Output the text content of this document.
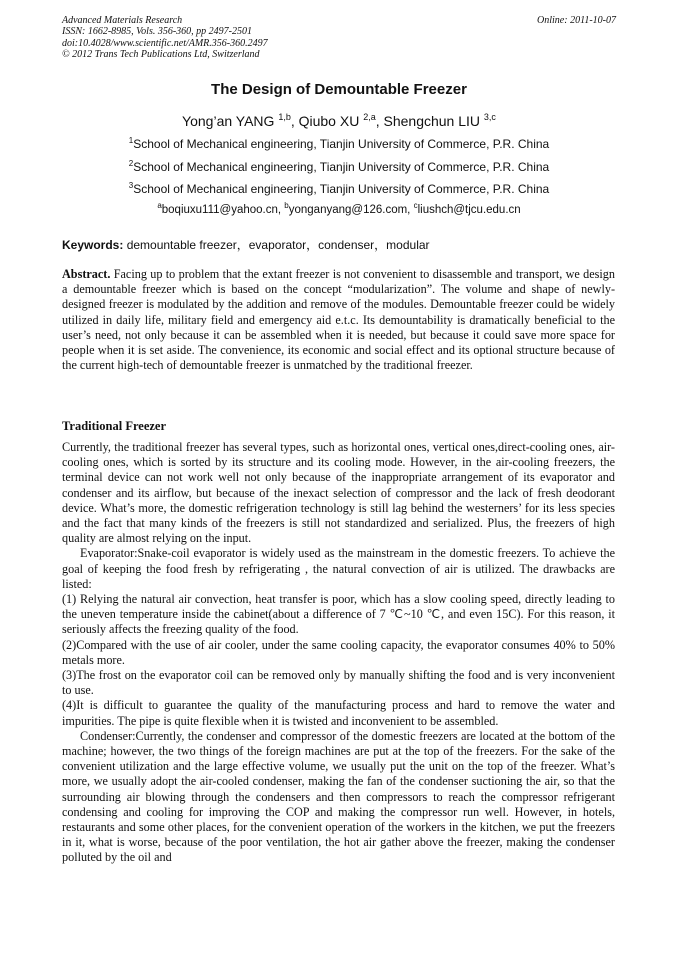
Advanced Materials Research
ISSN: 1662-8985, Vols. 356-360, pp 2497-2501
doi:10.4028/www.scientific.net/AMR.356-360.2497
© 2012 Trans Tech Publications Ltd, Switzerland
Online: 2011-10-07
The Design of Demountable Freezer
Yong’an YANG $^{1,b}$, Qiubo XU $^{2,a}$, Shengchun LIU $^{3,c}$
$^1$School of Mechanical engineering, Tianjin University of Commerce, P.R. China
$^2$School of Mechanical engineering, Tianjin University of Commerce, P.R. China
$^3$School of Mechanical engineering, Tianjin University of Commerce, P.R. China
$^a$boqiuxu111@yahoo.cn, $^b$yonganyang@126.com, $^c$liushch@tjcu.edu.cn
Keywords: demountable freezer，evaporator，condenser，modular

Abstract. Facing up to problem that the extant freezer is not convenient to disassemble and transport, we design a demountable freezer which is based on the concept “modularization”. The volume and shape of newly-designed freezer is modulated by the addition and remove of the modules. Demountable freezer could be widely utilized in daily life, military field and emergency aid e.t.c. Its demountability is dramatically beneficial to the user’s need, not only because it can be assembled when it is needed, but because it could save more space for people when it is set aside. The convenience, its economic and social effect and its optional structure because of the current high-tech of demountable freezer is unmatched by the traditional freezer.

Traditional Freezer

Currently, the traditional freezer has several types, such as horizontal ones, vertical ones,direct-cooling ones, air-cooling ones, which is sorted by its structure and its cooling mode. However, in the air-cooling freezers, the terminal device can not work well not only because of the inappropriate arrangement of its evaporator and condenser and its airflow, but because of the inexact selection of compressor and the lack of fresh deodorant device. What’s more, the domestic refrigeration technology is still lag behind the westerners’ for its less species and the fact that many kinds of the freezers is still not standardized and serialized. Plus, the freezers of high quality are almost relying on the input.

Evaporator:Snake-coil evaporator is widely used as the mainstream in the domestic freezers. To achieve the goal of keeping the food fresh by refrigerating , the natural convection of air is utilized. The drawbacks are listed:

(1) Relying the natural air convection, heat transfer is poor, which has a slow cooling speed, directly leading to the uneven temperature inside the cabinet(about a difference of 7 ℃~10 ℃, and even 15C). For this reason, it seriously affects the freezing quality of the food.

(2)Compared with the use of air cooler, under the same cooling capacity, the evaporator consumes 40% to 50% metals more.

(3)The frost on the evaporator coil can be removed only by manually shifting the food and is very inconvenient to use.

(4)It is difficult to guarantee the quality of the manufacturing process and hard to remove the water and impurities. The pipe is quite flexible when it is twisted and inconvenient to be assembled.

Condenser:Currently, the condenser and compressor of the domestic freezers are located at the bottom of the machine; however, the two things of the foreign machines are put at the top of the freezers. For the sake of the convenient utilization and the large effective volume, we usually put the unit on the top of the freezer. What’s more, we usually adopt the air-cooled condenser, making the fan of the condenser suctioning the air, so that the surrounding air blowing through the condensers and then compressors to reach the compressor refrigerant condensing and cooling for improving the COP and making the compressor run well. However, in hotels, restaurants and some other places, for the convenient operation of the workers in the kitchen, we put the freezers in it, what is worse, because of the poor ventilation, the hot air gather above the freezer, making the condenser polluted by the oil and
